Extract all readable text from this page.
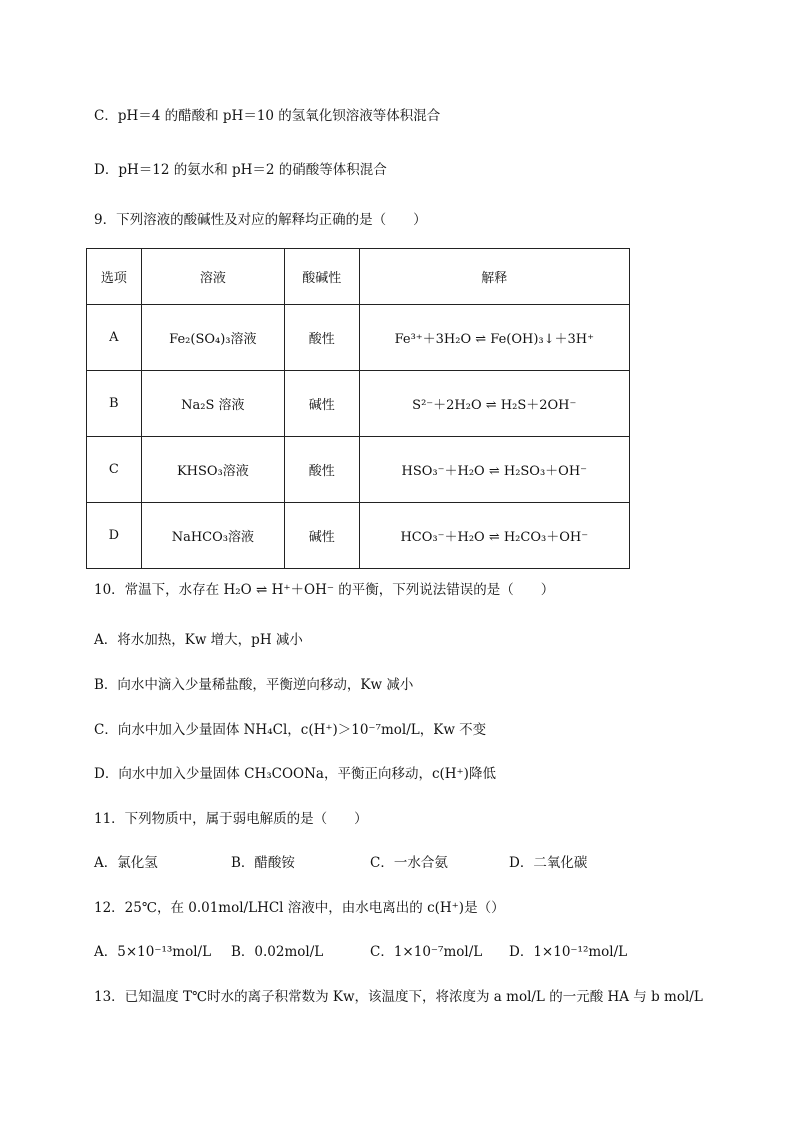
C．pH＝4 的醋酸和 pH＝10 的氢氧化钡溶液等体积混合
D．pH＝12 的氨水和 pH＝2 的硝酸等体积混合
9．下列溶液的酸碱性及对应的解释均正确的是（　　）
选项	溶液	酸碱性	解释
A	Fe₂(SO₄)₃溶液	酸性	Fe³⁺＋3H₂O ⇌ Fe(OH)₃↓＋3H⁺
B	Na₂S 溶液	碱性	S²⁻＋2H₂O ⇌ H₂S＋2OH⁻
C	KHSO₃溶液	酸性	HSO₃⁻＋H₂O ⇌ H₂SO₃＋OH⁻
D	NaHCO₃溶液	碱性	HCO₃⁻＋H₂O ⇌ H₂CO₃＋OH⁻
10．常温下，水存在 H₂O ⇌ H⁺＋OH⁻ 的平衡，下列说法错误的是（　　）
A．将水加热，Kw 增大，pH 减小
B．向水中滴入少量稀盐酸，平衡逆向移动，Kw 减小
C．向水中加入少量固体 NH₄Cl，c(H⁺)＞10⁻⁷mol/L，Kw 不变
D．向水中加入少量固体 CH₃COONa，平衡正向移动，c(H⁺)降低
11．下列物质中，属于弱电解质的是（　　）
A．氯化氢	B．醋酸铵	C．一水合氨	D．二氧化碳
12．25℃，在 0.01mol/LHCl 溶液中，由水电离出的 c(H⁺)是（）
A．5×10⁻¹³mol/L	B．0.02mol/L	C．1×10⁻⁷mol/L	D．1×10⁻¹²mol/L
13．已知温度 T℃时水的离子积常数为 Kw，该温度下，将浓度为 a mol/L 的一元酸 HA 与 b mol/L
